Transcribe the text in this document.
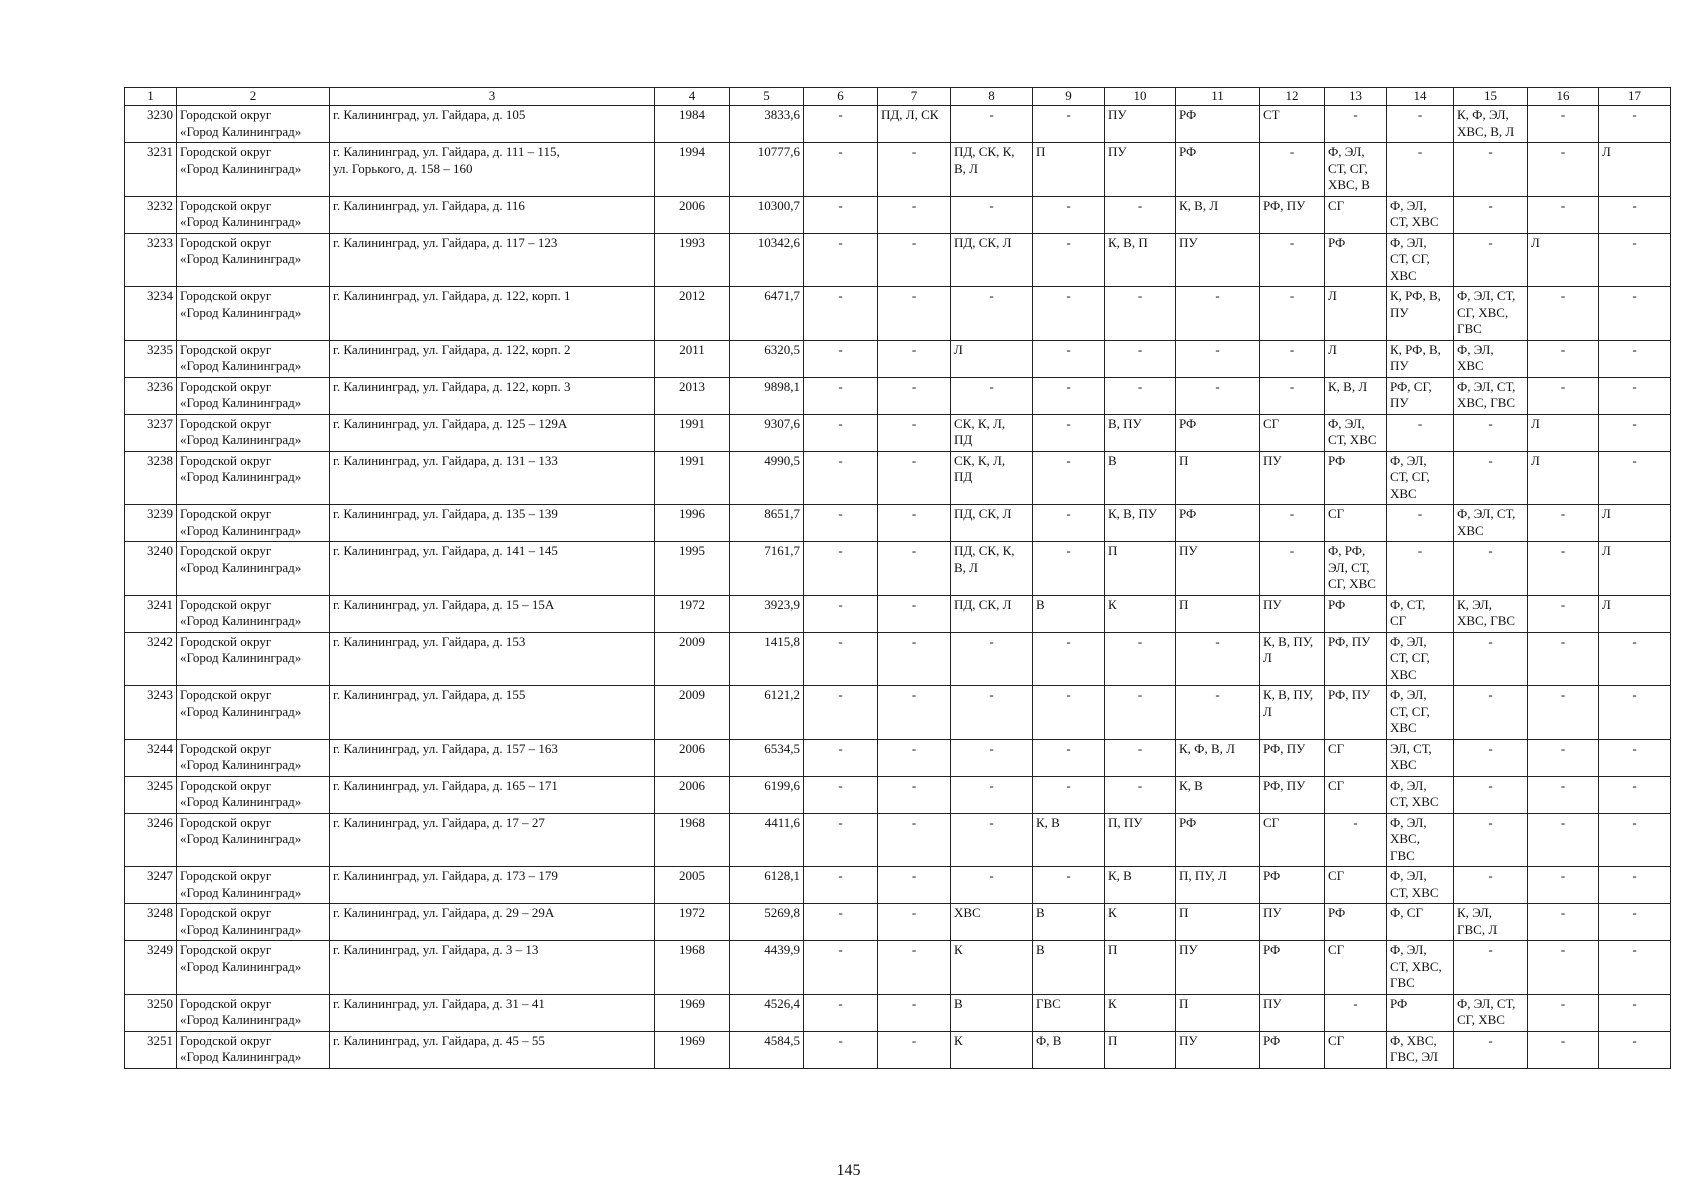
1	2	3	4	5	6	7	8	9	10	11	12	13	14	15	16	17
3230	Городской округ
«Город Калининград»	г. Калининград, ул. Гайдара, д. 105	1984	3833,6	-	ПД, Л, СК	-	-	ПУ	РФ	СТ	-	-	К, Ф, ЭЛ,
ХВС, В, Л	-	-
3231	Городской округ
«Город Калининград»	г. Калининград, ул. Гайдара, д. 111 – 115,
ул. Горького, д. 158 – 160	1994	10777,6	-	-	ПД, СК, К,
В, Л	П	ПУ	РФ	-	Ф, ЭЛ,
СТ, СГ,
ХВС, В	-	-	-	Л
3232	Городской округ
«Город Калининград»	г. Калининград, ул. Гайдара, д. 116	2006	10300,7	-	-	-	-	-	К, В, Л	РФ, ПУ	СГ	Ф, ЭЛ,
СТ, ХВС	-	-	-
3233	Городской округ
«Город Калининград»	г. Калининград, ул. Гайдара, д. 117 – 123	1993	10342,6	-	-	ПД, СК, Л	-	К, В, П	ПУ	-	РФ	Ф, ЭЛ,
СТ, СГ,
ХВС	-	Л	-
3234	Городской округ
«Город Калининград»	г. Калининград, ул. Гайдара, д. 122, корп. 1	2012	6471,7	-	-	-	-	-	-	-	Л	К, РФ, В,
ПУ	Ф, ЭЛ, СТ,
СГ, ХВС,
ГВС	-	-
3235	Городской округ
«Город Калининград»	г. Калининград, ул. Гайдара, д. 122, корп. 2	2011	6320,5	-	-	Л	-	-	-	-	Л	К, РФ, В,
ПУ	Ф, ЭЛ,
ХВС	-	-
3236	Городской округ
«Город Калининград»	г. Калининград, ул. Гайдара, д. 122, корп. 3	2013	9898,1	-	-	-	-	-	-	-	К, В, Л	РФ, СГ,
ПУ	Ф, ЭЛ, СТ,
ХВС, ГВС	-	-
3237	Городской округ
«Город Калининград»	г. Калининград, ул. Гайдара, д. 125 – 129А	1991	9307,6	-	-	СК, К, Л,
ПД	-	В, ПУ	РФ	СГ	Ф, ЭЛ,
СТ, ХВС	-	-	Л	-
3238	Городской округ
«Город Калининград»	г. Калининград, ул. Гайдара, д. 131 – 133	1991	4990,5	-	-	СК, К, Л,
ПД	-	В	П	ПУ	РФ	Ф, ЭЛ,
СТ, СГ,
ХВС	-	Л	-
3239	Городской округ
«Город Калининград»	г. Калининград, ул. Гайдара, д. 135 – 139	1996	8651,7	-	-	ПД, СК, Л	-	К, В, ПУ	РФ	-	СГ	-	Ф, ЭЛ, СТ,
ХВС	-	Л
3240	Городской округ
«Город Калининград»	г. Калининград, ул. Гайдара, д. 141 – 145	1995	7161,7	-	-	ПД, СК, К,
В, Л	-	П	ПУ	-	Ф, РФ,
ЭЛ, СТ,
СГ, ХВС	-	-	-	Л
3241	Городской округ
«Город Калининград»	г. Калининград, ул. Гайдара, д. 15 – 15А	1972	3923,9	-	-	ПД, СК, Л	В	К	П	ПУ	РФ	Ф, СТ,
СГ	К, ЭЛ,
ХВС, ГВС	-	Л
3242	Городской округ
«Город Калининград»	г. Калининград, ул. Гайдара, д. 153	2009	1415,8	-	-	-	-	-	-	К, В, ПУ,
Л	РФ, ПУ	Ф, ЭЛ,
СТ, СГ,
ХВС	-	-	-
3243	Городской округ
«Город Калининград»	г. Калининград, ул. Гайдара, д. 155	2009	6121,2	-	-	-	-	-	-	К, В, ПУ,
Л	РФ, ПУ	Ф, ЭЛ,
СТ, СГ,
ХВС	-	-	-
3244	Городской округ
«Город Калининград»	г. Калининград, ул. Гайдара, д. 157 – 163	2006	6534,5	-	-	-	-	-	К, Ф, В, Л	РФ, ПУ	СГ	ЭЛ, СТ,
ХВС	-	-	-
3245	Городской округ
«Город Калининград»	г. Калининград, ул. Гайдара, д. 165 – 171	2006	6199,6	-	-	-	-	-	К, В	РФ, ПУ	СГ	Ф, ЭЛ,
СТ, ХВС	-	-	-
3246	Городской округ
«Город Калининград»	г. Калининград, ул. Гайдара, д. 17 – 27	1968	4411,6	-	-	-	К, В	П, ПУ	РФ	СГ	-	Ф, ЭЛ,
ХВС,
ГВС	-	-	-
3247	Городской округ
«Город Калининград»	г. Калининград, ул. Гайдара, д. 173 – 179	2005	6128,1	-	-	-	-	К, В	П, ПУ, Л	РФ	СГ	Ф, ЭЛ,
СТ, ХВС	-	-	-
3248	Городской округ
«Город Калининград»	г. Калининград, ул. Гайдара, д. 29 – 29А	1972	5269,8	-	-	ХВС	В	К	П	ПУ	РФ	Ф, СГ	К, ЭЛ,
ГВС, Л	-	-
3249	Городской округ
«Город Калининград»	г. Калининград, ул. Гайдара, д. 3 – 13	1968	4439,9	-	-	К	В	П	ПУ	РФ	СГ	Ф, ЭЛ,
СТ, ХВС,
ГВС	-	-	-
3250	Городской округ
«Город Калининград»	г. Калининград, ул. Гайдара, д. 31 – 41	1969	4526,4	-	-	В	ГВС	К	П	ПУ	-	РФ	Ф, ЭЛ, СТ,
СГ, ХВС	-	-
3251	Городской округ
«Город Калининград»	г. Калининград, ул. Гайдара, д. 45 – 55	1969	4584,5	-	-	К	Ф, В	П	ПУ	РФ	СГ	Ф, ХВС,
ГВС, ЭЛ	-	-	-
145
